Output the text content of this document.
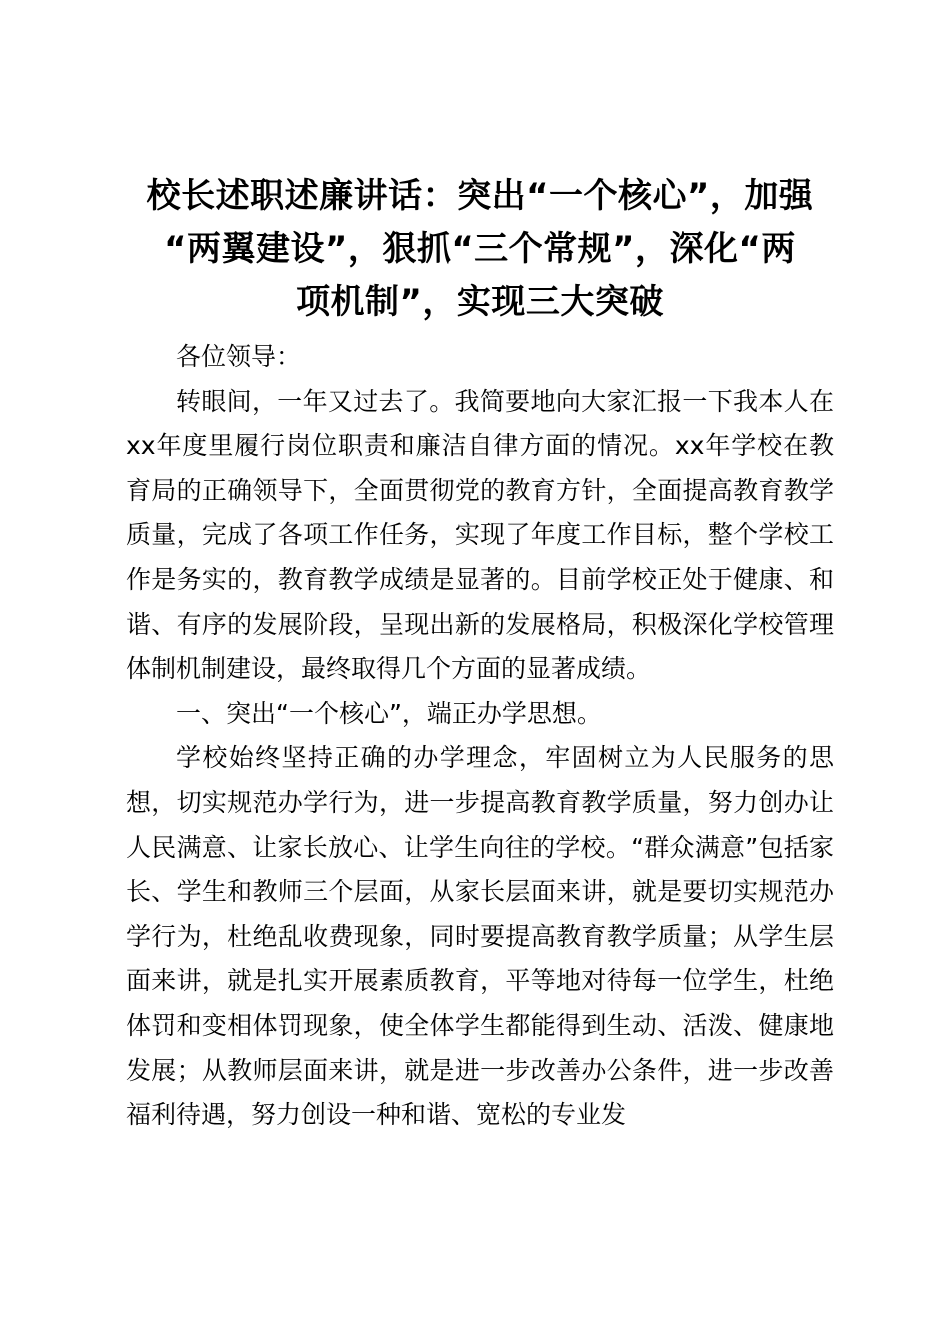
校长述职述廉讲话：突出“一个核心”，加强
“两翼建设”，狠抓“三个常规”，深化“两
项机制”，实现三大突破

各位领导：

转眼间，一年又过去了。我简要地向大家汇报一下我本人在xx年度里履行岗位职责和廉洁自律方面的情况。xx年学校在教育局的正确领导下，全面贯彻党的教育方针，全面提高教育教学质量，完成了各项工作任务，实现了年度工作目标，整个学校工作是务实的，教育教学成绩是显著的。目前学校正处于健康、和谐、有序的发展阶段，呈现出新的发展格局，积极深化学校管理体制机制建设，最终取得几个方面的显著成绩。

一、突出“一个核心”，端正办学思想。

学校始终坚持正确的办学理念，牢固树立为人民服务的思想，切实规范办学行为，进一步提高教育教学质量，努力创办让人民满意、让家长放心、让学生向往的学校。“群众满意”包括家长、学生和教师三个层面，从家长层面来讲，就是要切实规范办学行为，杜绝乱收费现象，同时要提高教育教学质量；从学生层面来讲，就是扎实开展素质教育，平等地对待每一位学生，杜绝体罚和变相体罚现象，使全体学生都能得到生动、活泼、健康地发展；从教师层面来讲，就是进一步改善办公条件，进一步改善福利待遇，努力创设一种和谐、宽松的专业发
